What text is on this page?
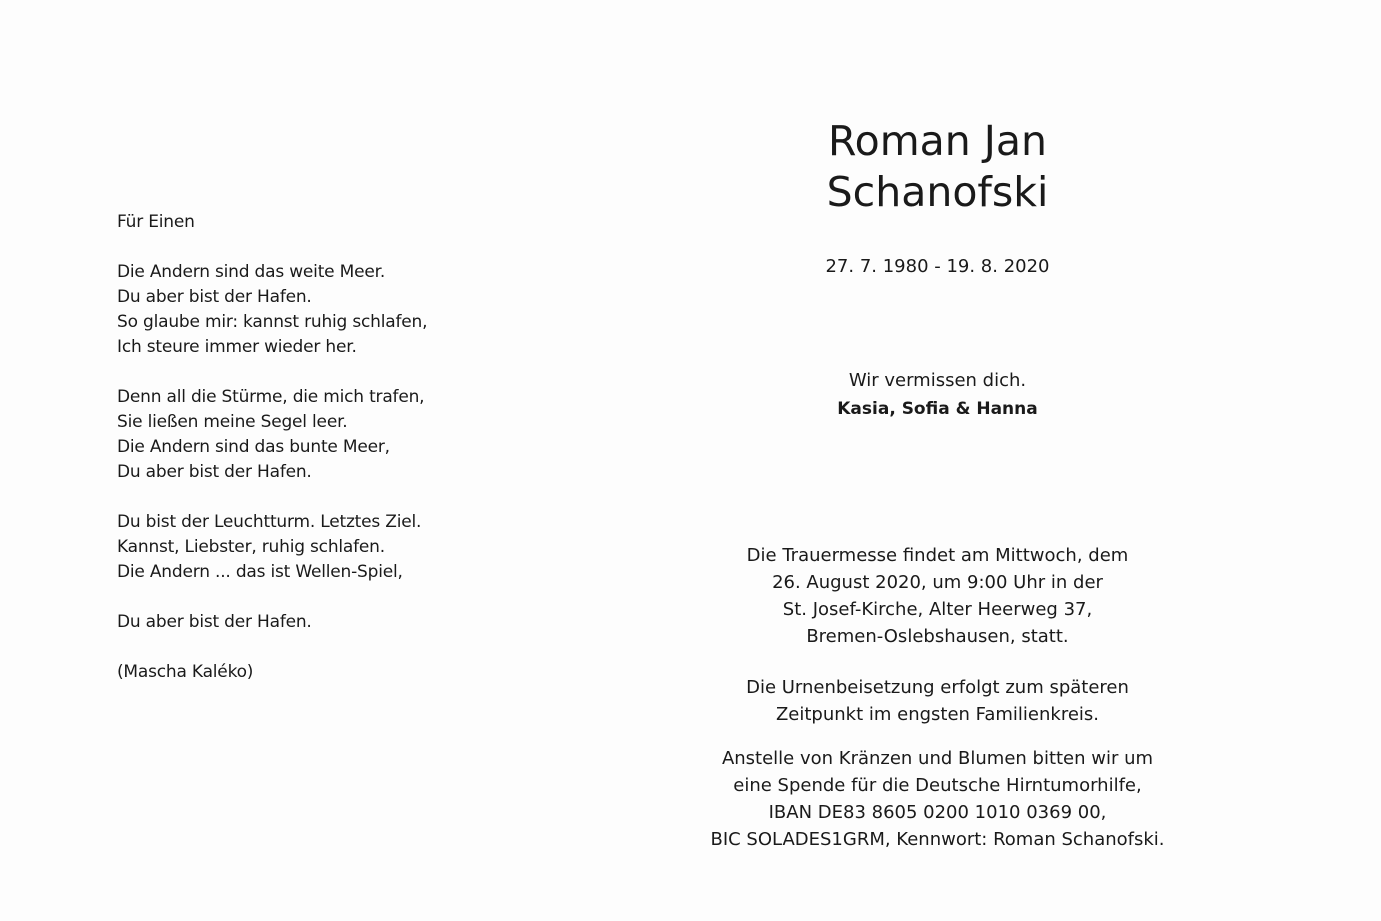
Für Einen
Die Andern sind das weite Meer.
Du aber bist der Hafen.
So glaube mir: kannst ruhig schlafen,
Ich steure immer wieder her.
Denn all die Stürme, die mich trafen,
Sie ließen meine Segel leer.
Die Andern sind das bunte Meer,
Du aber bist der Hafen.
Du bist der Leuchtturm. Letztes Ziel.
Kannst, Liebster, ruhig schlafen.
Die Andern ... das ist Wellen-Spiel,
Du aber bist der Hafen.
(Mascha Kaléko)
Roman Jan
Schanofski
27. 7. 1980 - 19. 8. 2020
Wir vermissen dich.
Kasia, Sofia & Hanna
Die Trauermesse findet am Mittwoch, dem
26. August 2020, um 9:00 Uhr in der
St. Josef-Kirche, Alter Heerweg 37,
Bremen-Oslebshausen, statt.
Die Urnenbeisetzung erfolgt zum späteren
Zeitpunkt im engsten Familienkreis.
Anstelle von Kränzen und Blumen bitten wir um
eine Spende für die Deutsche Hirntumorhilfe,
IBAN DE83 8605 0200 1010 0369 00,
BIC SOLADES1GRM, Kennwort: Roman Schanofski.
